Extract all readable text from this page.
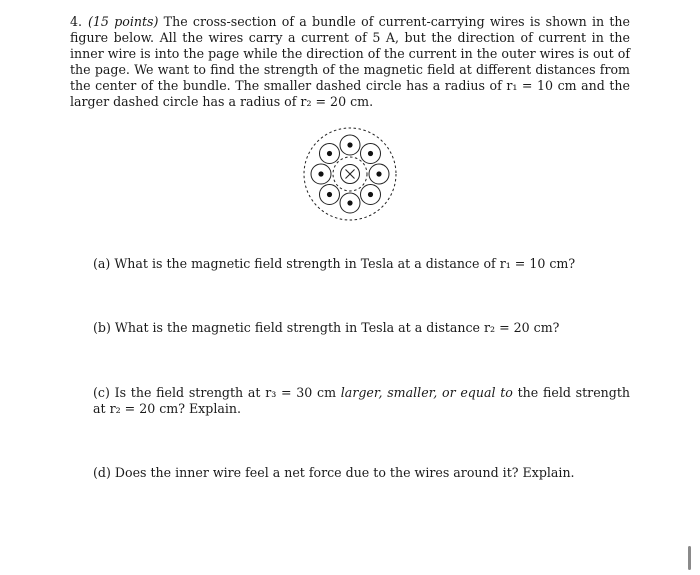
4. (15 points) The cross-section of a bundle of current-carrying wires is shown in the figure below. All the wires carry a current of 5 A, but the direction of current in the inner wire is into the page while the direction of the current in the outer wires is out of the page. We want to find the strength of the magnetic field at different distances from the center of the bundle. The smaller dashed circle has a radius of r₁ = 10 cm and the larger dashed circle has a radius of r₂ = 20 cm.
(a) What is the magnetic field strength in Tesla at a distance of r₁ = 10 cm?
(b) What is the magnetic field strength in Tesla at a distance r₂ = 20 cm?
(c) Is the field strength at r₃ = 30 cm larger, smaller, or equal to the field strength at r₂ = 20 cm? Explain.
(d) Does the inner wire feel a net force due to the wires around it? Explain.
